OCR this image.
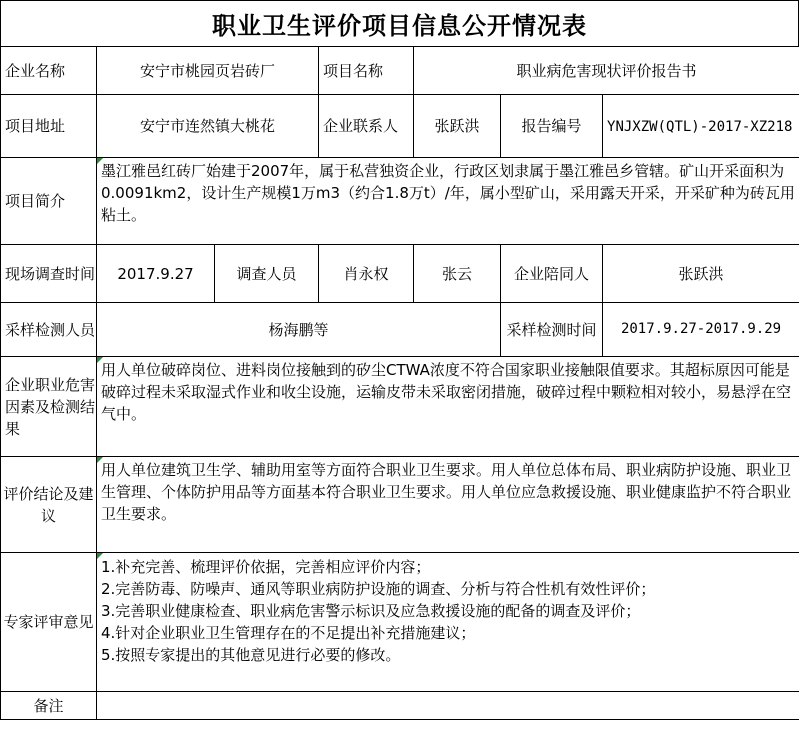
职业卫生评价项目信息公开情况表
企业名称	安宁市桃园页岩砖厂		项目名称	职业病危害现状评价报告书		
项目地址	安宁市连然镇大桃花		企业联系人	张跃洪	报告编号	YNJXZW(QTL)-2017-XZ218
项目简介	墨江雅邑红砖厂始建于2007年，属于私营独资企业，行政区划隶属于墨江雅邑乡管辖。矿山开采面积为0.0091km2，设计生产规模1万m3（约合1.8万t）/年，属小型矿山，采用露天开采，开采矿种为砖瓦用粘土。					
现场调查时间	2017.9.27	调查人员	肖永权	张云	企业陪同人	张跃洪
采样检测人员	杨海鹏等				采样检测时间	2017.9.27-2017.9.29
企业职业危害因素及检测结果	用人单位破碎岗位、进料岗位接触到的矽尘CTWA浓度不符合国家职业接触限值要求。其超标原因可能是破碎过程未采取湿式作业和收尘设施，运输皮带未采取密闭措施，破碎过程中颗粒相对较小，易悬浮在空气中。					
评价结论及建议	用人单位建筑卫生学、辅助用室等方面符合职业卫生要求。用人单位总体布局、职业病防护设施、职业卫生管理、个体防护用品等方面基本符合职业卫生要求。用人单位应急救援设施、职业健康监护不符合职业卫生要求。					
专家评审意见	1.补充完善、梳理评价依据，完善相应评价内容；
2.完善防毒、防噪声、通风等职业病防护设施的调查、分析与符合性机有效性评价；
3.完善职业健康检查、职业病危害警示标识及应急救援设施的配备的调查及评价；
4.针对企业职业卫生管理存在的不足提出补充措施建议；
5.按照专家提出的其他意见进行必要的修改。					

备注						
